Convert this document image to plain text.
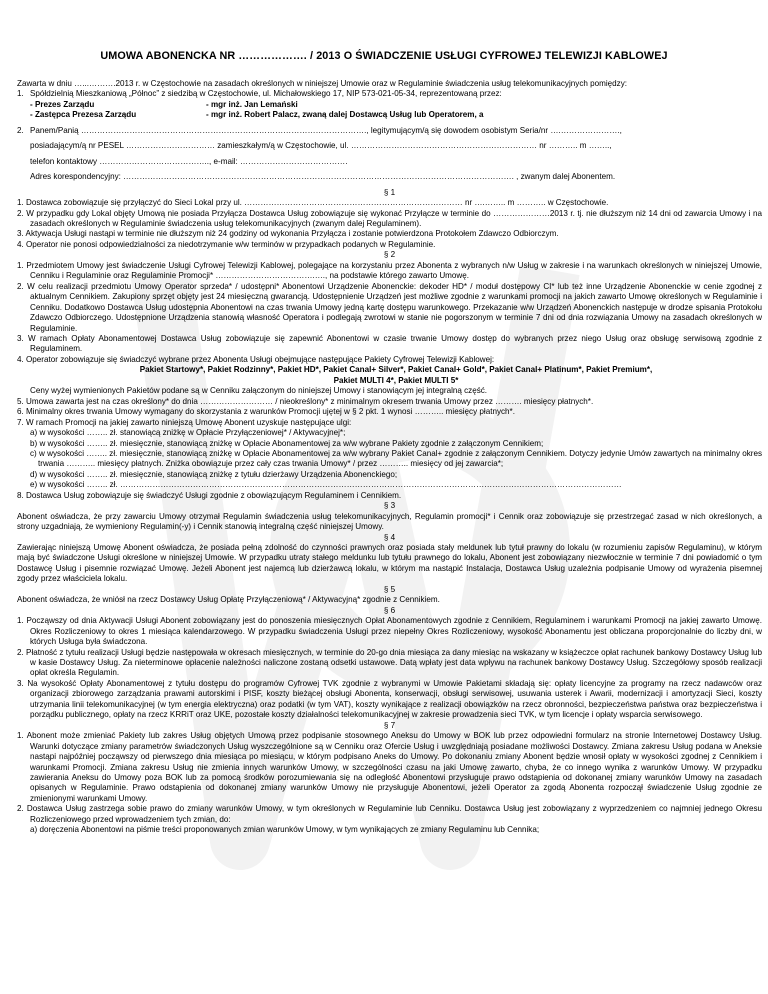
UMOWA ABONENCKA NR ………………. / 2013 O ŚWIADCZENIE USŁUGI CYFROWEJ TELEWIZJI KABLOWEJ
Zawarta w dniu …...……….2013 r. w Częstochowie na zasadach określonych w niniejszej Umowie oraz w Regulaminie świadczenia usług telekomunikacyjnych pomiędzy:
1. Spółdzielnią Mieszkaniową „Północ” z siedzibą w Częstochowie, ul. Michałowskiego 17, NIP 573-021-05-34, reprezentowaną przez:
- Prezes Zarządu	- mgr inż. Jan Lemański
- Zastępca Prezesa Zarządu	- mgr inż. Robert Palacz, zwaną dalej Dostawcą Usług lub Operatorem, a
2. Panem/Panią ……………………………………………………………………………………………., legitymującym/ą się dowodem osobistym Seria/nr ….………………….,
posiadającym/ą nr PESEL …………………………… zamieszkałym/ą w Częstochowie, ul. …………………………………………………………… nr ……….. m ……..,
telefon kontaktowy ………………………………….., e-mail: ………………………………….
Adres korespondencyjny: ………………………………………………………………………………………………………………………………. , zwanym dalej Abonentem.
§ 1
1. Dostawca zobowiązuje się przyłączyć do Sieci Lokal przy ul. ……………………………………………………………………… nr ….…….. m ……….. w Częstochowie.
2. W przypadku gdy Lokal objęty Umową nie posiada Przyłącza Dostawca Usług zobowiązuje się wykonać Przyłącze w terminie do …………………2013 r. tj. nie dłuższym niż 14 dni od zawarcia Umowy i na zasadach określonych w Regulaminie świadczenia usług telekomunikacyjnych (zwanym dalej Regulaminem).
3. Aktywacja Usługi nastąpi w terminie nie dłuższym niż 24 godziny od wykonania Przyłącza i zostanie potwierdzona Protokołem Zdawczo Odbiorczym.
4. Operator nie ponosi odpowiedzialności za niedotrzymanie w/w terminów w przypadkach podanych w Regulaminie.
§ 2
1. Przedmiotem Umowy jest świadczenie Usługi Cyfrowej Telewizji Kablowej, polegające na korzystaniu przez Abonenta z wybranych n/w Usług w zakresie i na warunkach określonych w niniejszej Umowie, Cenniku i Regulaminie oraz Regulaminie Promocji* ……………………………….…., na podstawie którego zawarto Umowę.
2. W celu realizacji przedmiotu Umowy Operator sprzeda* / udostępni* Abonentowi Urządzenie Abonenckie: dekoder HD* / moduł dostępowy CI* lub też inne Urządzenie Abonenckie w cenie zgodnej z aktualnym Cennikiem. Zakupiony sprzęt objęty jest 24 miesięczną gwarancją. Udostępnienie Urządzeń jest możliwe zgodnie z warunkami promocji na jakich zawarto Umowę określonych w Regulaminie i Cenniku. Dodatkowo Dostawca Usług udostępnia Abonentowi na czas trwania Umowy jedną kartę dostępu warunkowego. Przekazanie w/w Urządzeń Abonenckich następuje w drodze spisania Protokołu Zdawczo Odbiorczego. Udostępnione Urządzenia stanowią własność Operatora i podlegają zwrotowi w stanie nie pogorszonym w terminie 7 dni od dnia rozwiązania Umowy na zasadach określonych w Regulaminie.
3. W ramach Opłaty Abonamentowej Dostawca Usług zobowiązuje się zapewnić Abonentowi w czasie trwanie Umowy dostęp do wybranych przez niego Usług oraz obsługę serwisową zgodnie z Regulaminem.
4. Operator zobowiązuje się świadczyć wybrane przez Abonenta Usługi obejmujące następujące Pakiety Cyfrowej Telewizji Kablowej:
Pakiet Startowy*, Pakiet Rodzinny*, Pakiet HD*, Pakiet Canal+ Silver*, Pakiet Canal+ Gold*, Pakiet Canal+ Platinum*, Pakiet Premium*,
Pakiet MULTI 4*, Pakiet MULTI 5*
Ceny wyżej wymienionych Pakietów podane są w Cenniku załączonym do niniejszej Umowy i stanowiącym jej integralną część.
5. Umowa zawarta jest na czas określony* do dnia ……………………… / nieokreślony* z minimalnym okresem trwania Umowy przez ………. miesięcy płatnych*.
6. Minimalny okres trwania Umowy wymagany do skorzystania z warunków Promocji ujętej w § 2 pkt. 1 wynosi ……….. miesięcy płatnych*.
7. W ramach Promocji na jakiej zawarto niniejszą Umowę Abonent uzyskuje następujące ulgi:
a) w wysokości …….. zł. stanowiącą zniżkę w Opłacie Przyłączeniowej* / Aktywacyjnej*;
b) w wysokości …….. zł. miesięcznie, stanowiącą zniżkę w Opłacie Abonamentowej za w/w wybrane Pakiety zgodnie z załączonym Cennikiem;
c) w wysokości …….. zł. miesięcznie, stanowiącą zniżkę w Opłacie Abonamentowej za w/w wybrany Pakiet Canal+ zgodnie z załączonym Cennikiem. Dotyczy jedynie Umów zawartych na minimalny okres trwania ……….. miesięcy płatnych. Zniżka obowiązuje przez cały czas trwania Umowy* / przez ……….. miesięcy od jej zawarcia*;
d) w wysokości …….. zł. miesięcznie, stanowiącą zniżkę z tytułu dzierżawy Urządzenia Abonenckiego;
e) w wysokości …….. zł. ……………………………………………………………………………………………………………………………………………………………………
8. Dostawca Usług zobowiązuje się świadczyć Usługi zgodnie z obowiązującym Regulaminem i Cennikiem.
§ 3
Abonent oświadcza, że przy zawarciu Umowy otrzymał Regulamin świadczenia usług telekomunikacyjnych, Regulamin promocji* i Cennik oraz zobowiązuje się przestrzegać zasad w nich określonych, a strony uzgadniają, że wymieniony Regulamin(-y) i Cennik stanowią integralną część niniejszej Umowy.
§ 4
Zawierając niniejszą Umowę Abonent oświadcza, że posiada pełną zdolność do czynności prawnych oraz posiada stały meldunek lub tytuł prawny do lokalu (w rozumieniu zapisów Regulaminu), w którym mają być świadczone Usługi określone w niniejszej Umowie. W przypadku utraty stałego meldunku lub tytułu prawnego do lokalu, Abonent jest zobowiązany niezwłocznie w terminie 7 dni powiadomić o tym Dostawcę Usług i pisemnie rozwiązać Umowę. Jeżeli Abonent jest najemcą lub dzierżawcą lokalu, w którym ma nastąpić Instalacja, Dostawca Usług uzależnia podpisanie Umowy od wyrażenia pisemnej zgody przez właściciela lokalu.
§ 5
Abonent oświadcza, że wniósł na rzecz Dostawcy Usług Opłatę Przyłączeniową* / Aktywacyjną* zgodnie z Cennikiem.
§ 6
1. Począwszy od dnia Aktywacji Usługi Abonent zobowiązany jest do ponoszenia miesięcznych Opłat Abonamentowych zgodnie z Cennikiem, Regulaminem i warunkami Promocji na jakiej zawarto Umowę. Okres Rozliczeniowy to okres 1 miesiąca kalendarzowego. W przypadku świadczenia Usługi przez niepełny Okres Rozliczeniowy, wysokość Abonamentu jest obliczana proporcjonalnie do liczby dni, w których Usługa była świadczona.
2. Płatność z tytułu realizacji Usługi będzie następowała w okresach miesięcznych, w terminie do 20-go dnia miesiąca za dany miesiąc na wskazany w książeczce opłat rachunek bankowy Dostawcy Usług lub w kasie Dostawcy Usług. Za nieterminowe opłacenie należności naliczone zostaną odsetki ustawowe. Datą wpłaty jest data wpływu na rachunek bankowy Dostawcy Usług. Szczegółowy sposób realizacji opłat określa Regulamin.
3. Na wysokość Opłaty Abonamentowej z tytułu dostępu do programów Cyfrowej TVK zgodnie z wybranymi w Umowie Pakietami składają się: opłaty licencyjne za programy na rzecz nadawców oraz organizacji zbiorowego zarządzania prawami autorskimi i PISF, koszty bieżącej obsługi Abonenta, konserwacji, obsługi serwisowej, usuwania usterek i Awarii, modernizacji i amortyzacji Sieci, koszty utrzymania linii telekomunikacyjnej (w tym energia elektryczna) oraz podatki (w tym VAT), koszty wynikające z realizacji obowiązków na rzecz obronności, bezpieczeństwa państwa oraz bezpieczeństwa i porządku publicznego, opłaty na rzecz KRRiT oraz UKE, pozostałe koszty działalności telekomunikacyjnej w zakresie prowadzenia sieci TVK, w tym licencje i opłaty wsparcia serwisowego.
§ 7
1. Abonent może zmieniać Pakiety lub zakres Usług objętych Umową przez podpisanie stosownego Aneksu do Umowy w BOK lub przez odpowiedni formularz na stronie Internetowej Dostawcy Usług. Warunki dotyczące zmiany parametrów świadczonych Usług wyszczególnione są w Cenniku oraz Ofercie Usług i uwzględniają posiadane możliwości Dostawcy. Zmiana zakresu Usług podana w Aneksie nastąpi najpóźniej począwszy od pierwszego dnia miesiąca po miesiącu, w którym podpisano Aneks do Umowy. Po dokonaniu zmiany Abonent będzie wnosił opłaty w wysokości zgodnej z Cennikiem i warunkami Promocji. Zmiana zakresu Usług nie zmienia innych warunków Umowy, w szczególności czasu na jaki Umowę zawarto, chyba, że co innego wynika z warunków Umowy. W przypadku zawierania Aneksu do Umowy poza BOK lub za pomocą środków porozumiewania się na odległość Abonentowi przysługuje prawo odstąpienia od dokonanej zmiany warunków Umowy na zasadach opisanych w Regulaminie. Prawo odstąpienia od dokonanej zmiany warunków Umowy nie przysługuje Abonentowi, jeżeli Operator za zgodą Abonenta rozpoczął świadczenie Usług zgodnie ze zmienionymi warunkami Umowy.
2. Dostawca Usług zastrzega sobie prawo do zmiany warunków Umowy, w tym określonych w Regulaminie lub Cenniku. Dostawca Usług jest zobowiązany z wyprzedzeniem co najmniej jednego Okresu Rozliczeniowego przed wprowadzeniem tych zmian, do:
a) doręczenia Abonentowi na piśmie treści proponowanych zmian warunków Umowy, w tym wynikających ze zmiany Regulaminu lub Cennika;
